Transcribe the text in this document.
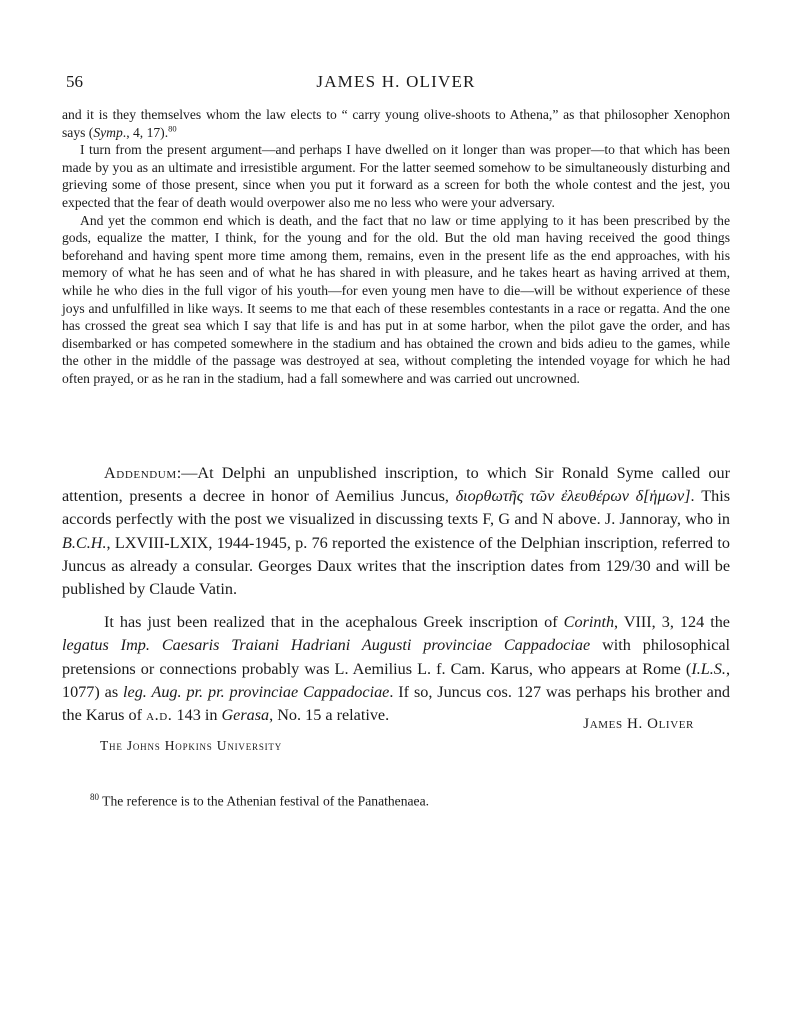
56	JAMES H. OLIVER

and it is they themselves whom the law elects to “ carry young olive-shoots to Athena,” as that philosopher Xenophon says (Symp., 4, 17).$^{80}$

I turn from the present argument—and perhaps I have dwelled on it longer than was proper—to that which has been made by you as an ultimate and irresistible argument. For the latter seemed somehow to be simultaneously disturbing and grieving some of those present, since when you put it forward as a screen for both the whole contest and the jest, you expected that the fear of death would overpower also me no less who were your adversary.

And yet the common end which is death, and the fact that no law or time applying to it has been prescribed by the gods, equalize the matter, I think, for the young and for the old. But the old man having received the good things beforehand and having spent more time among them, remains, even in the present life as the end approaches, with his memory of what he has seen and of what he has shared in with pleasure, and he takes heart as having arrived at them, while he who dies in the full vigor of his youth—for even young men have to die—will be without experience of these joys and unfulfilled in like ways. It seems to me that each of these resembles contestants in a race or regatta. And the one has crossed the great sea which I say that life is and has put in at some harbor, when the pilot gave the order, and has disembarked or has competed somewhere in the stadium and has obtained the crown and bids adieu to the games, while the other in the middle of the passage was destroyed at sea, without completing the intended voyage for which he had often prayed, or as he ran in the stadium, had a fall somewhere and was carried out uncrowned.

Addendum:—At Delphi an unpublished inscription, to which Sir Ronald Syme called our attention, presents a decree in honor of Aemilius Juncus, διορθωτῆς τῶν ἐλευθέρων δ[ἡμων]. This accords perfectly with the post we visualized in discussing texts F, G and N above. J. Jannoray, who in B.C.H., LXVIII-LXIX, 1944-1945, p. 76 reported the existence of the Delphian inscription, referred to Juncus as already a consular. Georges Daux writes that the inscription dates from 129/30 and will be published by Claude Vatin.

It has just been realized that in the acephalous Greek inscription of Corinth, VIII, 3, 124 the legatus Imp. Caesaris Traiani Hadriani Augusti provinciae Cappadociae with philosophical pretensions or connections probably was L. Aemilius L. f. Cam. Karus, who appears at Rome (I.L.S., 1077) as leg. Aug. pr. pr. provinciae Cappadociae. If so, Juncus cos. 127 was perhaps his brother and the Karus of a.d. 143 in Gerasa, No. 15 a relative.	James H. Oliver
The Johns Hopkins University
$^{80}$ The reference is to the Athenian festival of the Panathenaea.
